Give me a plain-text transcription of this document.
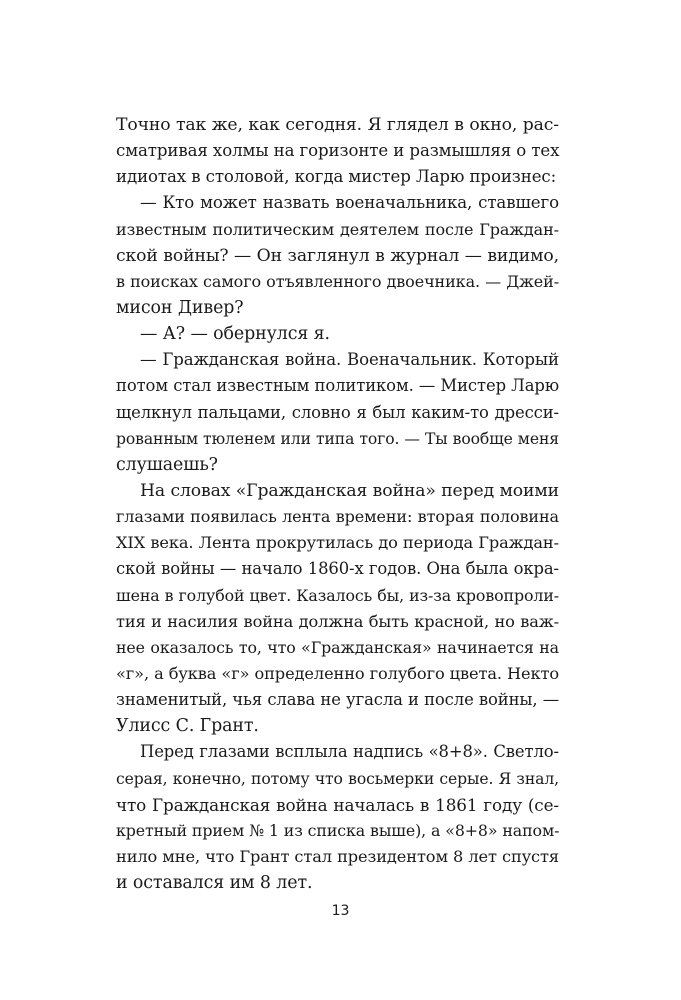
Точно так же, как сегодня. Я глядел в окно, рас-
сматривая холмы на горизонте и размышляя о тех
идиотах в столовой, когда мистер Ларю произнес:
— Кто может назвать военачальника, ставшего
известным политическим деятелем после Граждан-
ской войны? — Он заглянул в журнал — видимо,
в поисках самого отъявленного двоечника. — Джей-
мисон Дивер?
— А? — обернулся я.
— Гражданская война. Военачальник. Который
потом стал известным политиком. — Мистер Ларю
щелкнул пальцами, словно я был каким-то дресси-
рованным тюленем или типа того. — Ты вообще меня
слушаешь?
На словах «Гражданская война» перед моими
глазами появилась лента времени: вторая половина
XIX века. Лента прокрутилась до периода Граждан-
ской войны — начало 1860-х годов. Она была окра-
шена в голубой цвет. Казалось бы, из-за кровопроли-
тия и насилия война должна быть красной, но важ-
нее оказалось то, что «Гражданская» начинается на
«г», а буква «г» определенно голубого цвета. Некто
знаменитый, чья слава не угасла и после войны, —
Улисс С. Грант.
Перед глазами всплыла надпись «8+8». Светло-
серая, конечно, потому что восьмерки серые. Я знал,
что Гражданская война началась в 1861 году (се-
кретный прием № 1 из списка выше), а «8+8» напом-
нило мне, что Грант стал президентом 8 лет спустя
и оставался им 8 лет.
13
